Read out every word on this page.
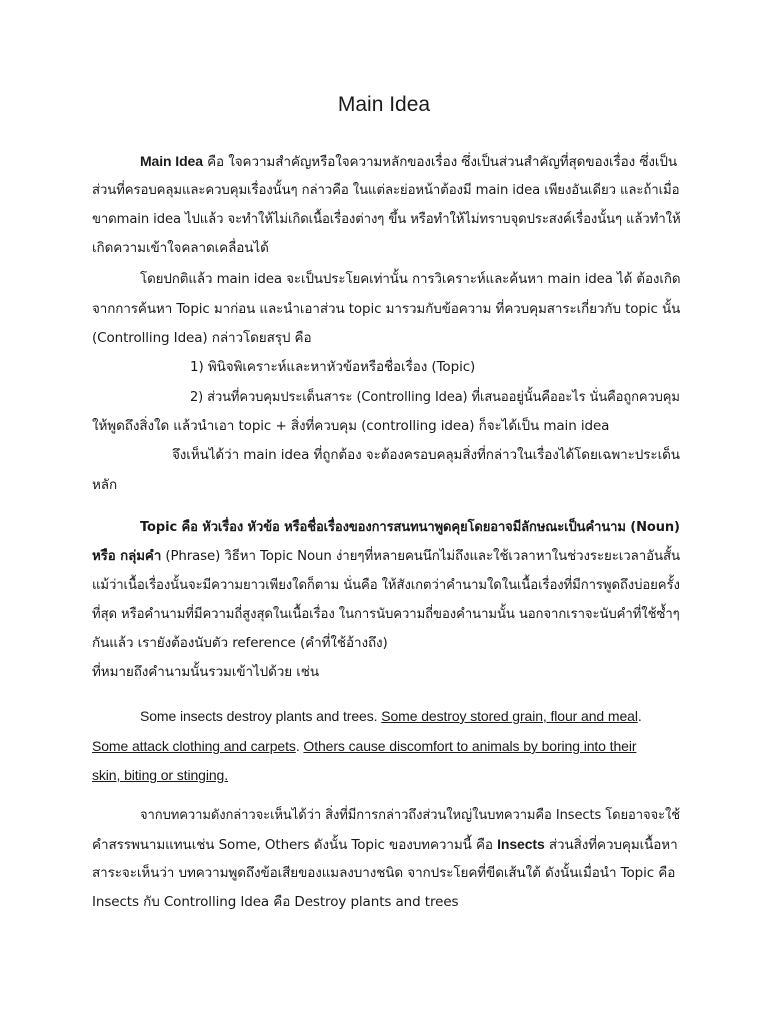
Main Idea
Main Idea คือ ใจความสำคัญหรือใจความหลักของเรื่อง ซึ่งเป็นส่วนสำคัญที่สุดของเรื่อง ซึ่งเป็น
ส่วนที่ครอบคลุมและควบคุมเรื่องนั้นๆ กล่าวคือ ในแต่ละย่อหน้าต้องมี main idea เพียงอันเดียว และถ้าเมื่อ
ขาดmain idea ไปแล้ว จะทำให้ไม่เกิดเนื้อเรื่องต่างๆ ขึ้น หรือทำให้ไม่ทราบจุดประสงค์เรื่องนั้นๆ แล้วทำให้
เกิดความเข้าใจคลาดเคลื่อนได้
โดยปกติแล้ว main idea จะเป็นประโยคเท่านั้น การวิเคราะห์และค้นหา main idea ได้ ต้องเกิด
จากการค้นหา Topic มาก่อน และนำเอาส่วน topic มารวมกับข้อความ ที่ควบคุมสาระเกี่ยวกับ topic นั้น
(Controlling Idea) กล่าวโดยสรุป คือ
1) พินิจพิเคราะห์และหาหัวข้อหรือชื่อเรื่อง (Topic)
2) ส่วนที่ควบคุมประเด็นสาระ (Controlling Idea) ที่เสนออยู่นั้นคืออะไร นั่นคือถูกควบคุม
ให้พูดถึงสิ่งใด แล้วนำเอา topic + สิ่งที่ควบคุม (controlling idea) ก็จะได้เป็น main idea
จึงเห็นได้ว่า main idea ที่ถูกต้อง จะต้องครอบคลุมสิ่งที่กล่าวในเรื่องได้โดยเฉพาะประเด็น
หลัก
Topic คือ หัวเรื่อง หัวข้อ หรือชื่อเรื่องของการสนทนาพูดคุยโดยอาจมีลักษณะเป็นคำนาม (Noun)
หรือ กลุ่มคำ (Phrase) วิธีหา Topic Noun ง่ายๆที่หลายคนนึกไม่ถึงและใช้เวลาหาในช่วงระยะเวลาอันสั้น
แม้ว่าเนื้อเรื่องนั้นจะมีความยาวเพียงใดก็ตาม นั่นคือ ให้สังเกตว่าคำนามใดในเนื้อเรื่องที่มีการพูดถึงบ่อยครั้ง
ที่สุด หรือคำนามที่มีความถี่สูงสุดในเนื้อเรื่อง ในการนับความถี่ของคำนามนั้น นอกจากเราจะนับคำที่ใช้ซ้ำๆ
กันแล้ว เรายังต้องนับตัว reference (คำที่ใช้อ้างถึง)
ที่หมายถึงคำนามนั้นรวมเข้าไปด้วย เช่น
Some insects destroy plants and trees. Some destroy stored grain, flour and meal.
Some attack clothing and carpets. Others cause discomfort to animals by boring into their
skin, biting or stinging.
จากบทความดังกล่าวจะเห็นได้ว่า สิ่งที่มีการกล่าวถึงส่วนใหญ่ในบทความคือ Insects โดยอาจจะใช้
คำสรรพนามแทนเช่น Some, Others ดังนั้น Topic ของบทความนี้ คือ Insects ส่วนสิ่งที่ควบคุมเนื้อหา
สาระจะเห็นว่า บทความพูดถึงข้อเสียของแมลงบางชนิด จากประโยคที่ขีดเส้นใต้ ดังนั้นเมื่อนำ Topic คือ
Insects กับ Controlling Idea คือ Destroy plants and trees
